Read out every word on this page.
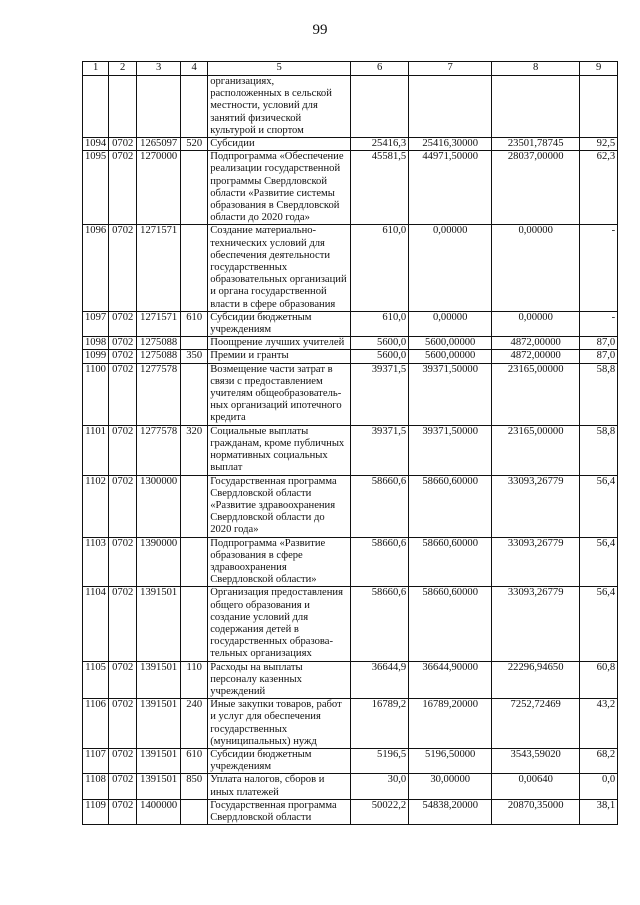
99
1	2	3	4	5	6	7	8	9
				организациях, расположенных в сельской местности, условий для занятий физической культурой и спортом				
1094	0702	1265097	520	Субсидии	25416,3	25416,30000	23501,78745	92,5
1095	0702	1270000		Подпрограмма «Обеспечение реализации государственной программы Свердловской области «Развитие системы образования в Свердловской области до 2020 года»	45581,5	44971,50000	28037,00000	62,3
1096	0702	1271571		Создание материально-технических условий для обеспечения деятельности государственных образовательных организаций и органа государственной власти в сфере образования	610,0	0,00000	0,00000	-
1097	0702	1271571	610	Субсидии бюджетным учреждениям	610,0	0,00000	0,00000	-
1098	0702	1275088		Поощрение лучших учителей	5600,0	5600,00000	4872,00000	87,0
1099	0702	1275088	350	Премии и гранты	5600,0	5600,00000	4872,00000	87,0
1100	0702	1277578		Возмещение части затрат в связи с предоставлением учителям общеобразователь-ных организаций ипотечного кредита	39371,5	39371,50000	23165,00000	58,8
1101	0702	1277578	320	Социальные выплаты гражданам, кроме публичных нормативных социальных выплат	39371,5	39371,50000	23165,00000	58,8
1102	0702	1300000		Государственная программа Свердловской области «Развитие здравоохранения Свердловской области до 2020 года»	58660,6	58660,60000	33093,26779	56,4
1103	0702	1390000		Подпрограмма «Развитие образования в сфере здравоохранения Свердловской области»	58660,6	58660,60000	33093,26779	56,4
1104	0702	1391501		Организация предоставления общего образования и создание условий для содержания детей в государственных образова-тельных организациях	58660,6	58660,60000	33093,26779	56,4
1105	0702	1391501	110	Расходы на выплаты персоналу казенных учреждений	36644,9	36644,90000	22296,94650	60,8
1106	0702	1391501	240	Иные закупки товаров, работ и услуг для обеспечения государственных (муниципальных) нужд	16789,2	16789,20000	7252,72469	43,2
1107	0702	1391501	610	Субсидии бюджетным учреждениям	5196,5	5196,50000	3543,59020	68,2
1108	0702	1391501	850	Уплата налогов, сборов и иных платежей	30,0	30,00000	0,00640	0,0
1109	0702	1400000		Государственная программа Свердловской области	50022,2	54838,20000	20870,35000	38,1
